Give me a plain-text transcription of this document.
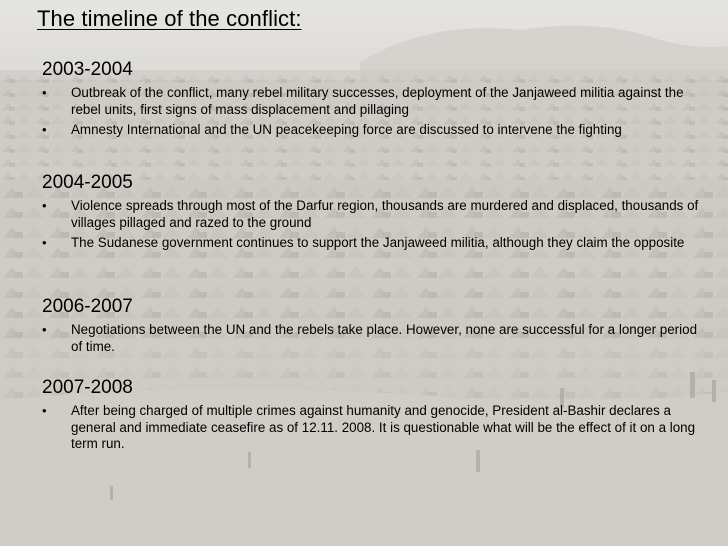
The timeline of the conflict:
2003-2004
• Outbreak of the conflict, many rebel military successes, deployment of the Janjaweed militia against the rebel units, first signs of mass displacement and pillaging
• Amnesty International and the UN peacekeeping force are discussed to intervene the fighting
2004-2005
• Violence spreads through most of the Darfur region, thousands are murdered and displaced, thousands of villages pillaged and razed to the ground
• The Sudanese government continues to support the Janjaweed militia, although they claim the opposite
2006-2007
• Negotiations between the UN and the rebels take place. However, none are successful for a longer period of time.
2007-2008
• After being charged of multiple crimes against humanity and genocide, President al-Bashir declares a general and immediate ceasefire as of 12.11. 2008. It is questionable what will be the effect of it on a long term run.
